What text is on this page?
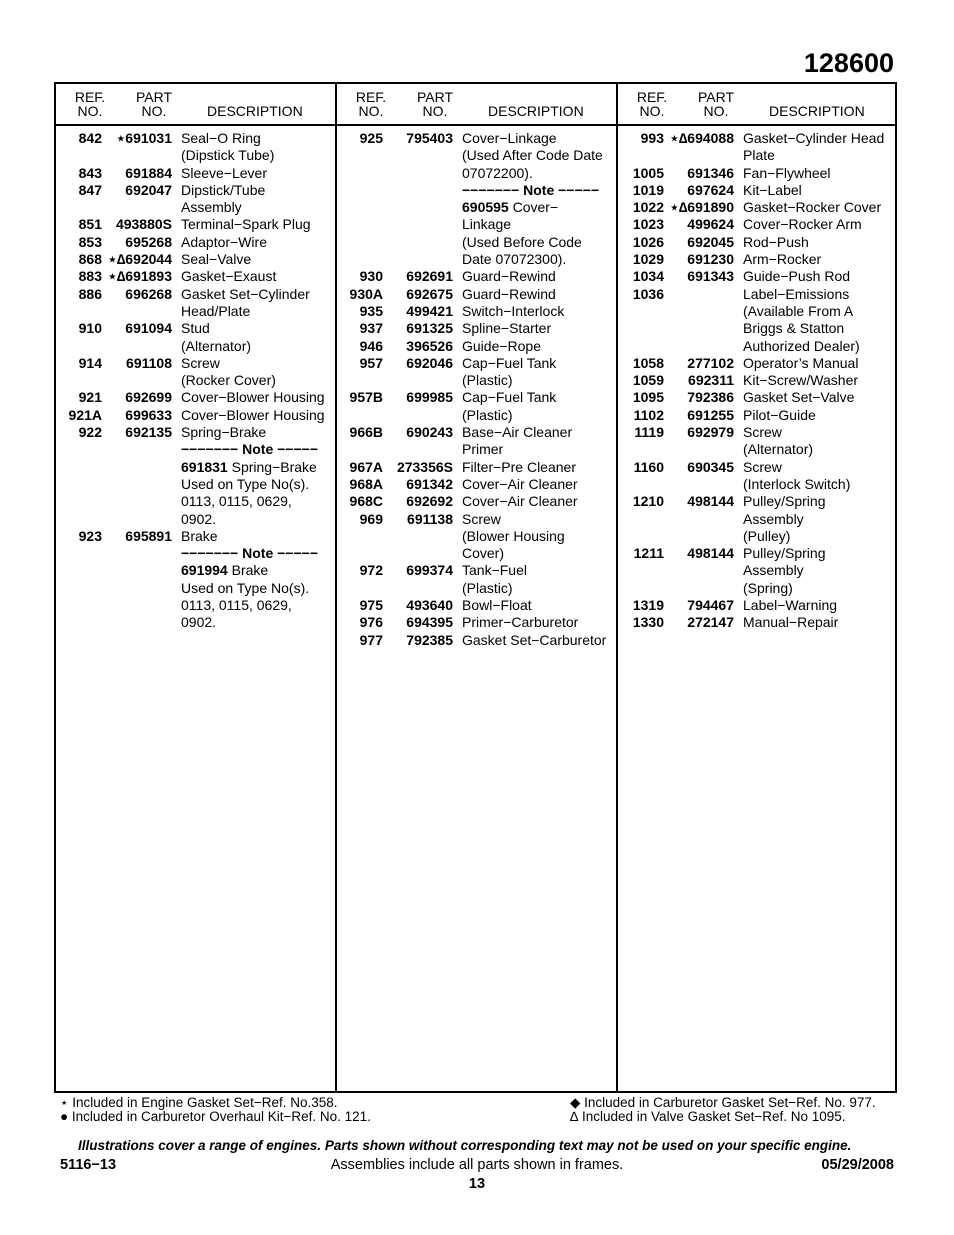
128600
REF.
NO.
PART
NO.	DESCRIPTION
842	⋆691031 Seal−O Ring
(Dipstick Tube)
843	691884 Sleeve−Lever
847	692047 Dipstick/Tube
Assembly
851 493880S Terminal−Spark Plug
853	695268 Adaptor−Wire
868 ⋆∆692044 Seal−Valve
883 ⋆∆691893 Gasket−Exaust
886	696268 Gasket Set−Cylinder
Head/Plate
910	691094 Stud
(Alternator)
914	691108 Screw
(Rocker Cover)
921	692699 Cover−Blower Housing
921A	699633 Cover−Blower Housing
922	692135 Spring−Brake
−−−−−−− Note −−−−−
691831 Spring−Brake
Used on Type No(s).
0113, 0115, 0629,
0902.
923	695891 Brake
−−−−−−− Note −−−−−
691994 Brake
Used on Type No(s).
0113, 0115, 0629,
0902.
REF.
NO.
PART
NO.	DESCRIPTION
925	795403 Cover−Linkage
(Used After Code Date
07072200).
−−−−−−− Note −−−−−
690595 Cover−
Linkage
(Used Before Code
Date 07072300).
930	692691 Guard−Rewind
930A	692675 Guard−Rewind
935	499421 Switch−Interlock
937	691325 Spline−Starter
946	396526 Guide−Rope
957	692046 Cap−Fuel Tank
(Plastic)
957B	699985 Cap−Fuel Tank
(Plastic)
966B	690243 Base−Air Cleaner
Primer
967A 273356S Filter−Pre Cleaner
968A	691342 Cover−Air Cleaner
968C	692692 Cover−Air Cleaner
969	691138 Screw
(Blower Housing
Cover)
972	699374 Tank−Fuel
(Plastic)
975	493640 Bowl−Float
976	694395 Primer−Carburetor
977	792385 Gasket Set−Carburetor
REF.
NO.
PART
NO.	DESCRIPTION
993 ⋆∆694088 Gasket−Cylinder Head
Plate
1005	691346 Fan−Flywheel
1019	697624 Kit−Label
1022 ⋆∆691890 Gasket−Rocker Cover
1023	499624 Cover−Rocker Arm
1026	692045 Rod−Push
1029	691230 Arm−Rocker
1034	691343 Guide−Push Rod
1036	Label−Emissions
(Available From A
Briggs & Statton
Authorized Dealer)
1058	277102 Operator’s Manual
1059	692311 Kit−Screw/Washer
1095	792386 Gasket Set−Valve
1102	691255 Pilot−Guide
1119	692979 Screw
(Alternator)
1160	690345 Screw
(Interlock Switch)
1210	498144 Pulley/Spring
Assembly
(Pulley)
1211	498144 Pulley/Spring
Assembly
(Spring)
1319	794467 Label−Warning
1330	272147 Manual−Repair
⋆ Included in Engine Gasket Set−Ref. No.358.
● Included in Carburetor Overhaul Kit−Ref. No. 121.
◆ Included in Carburetor Gasket Set−Ref. No. 977.
∆ Included in Valve Gasket Set−Ref. No 1095.
Illustrations cover a range of engines. Parts shown without corresponding text may not be used on your specific engine.
5116−13	Assemblies include all parts shown in frames.	05/29/2008
13
